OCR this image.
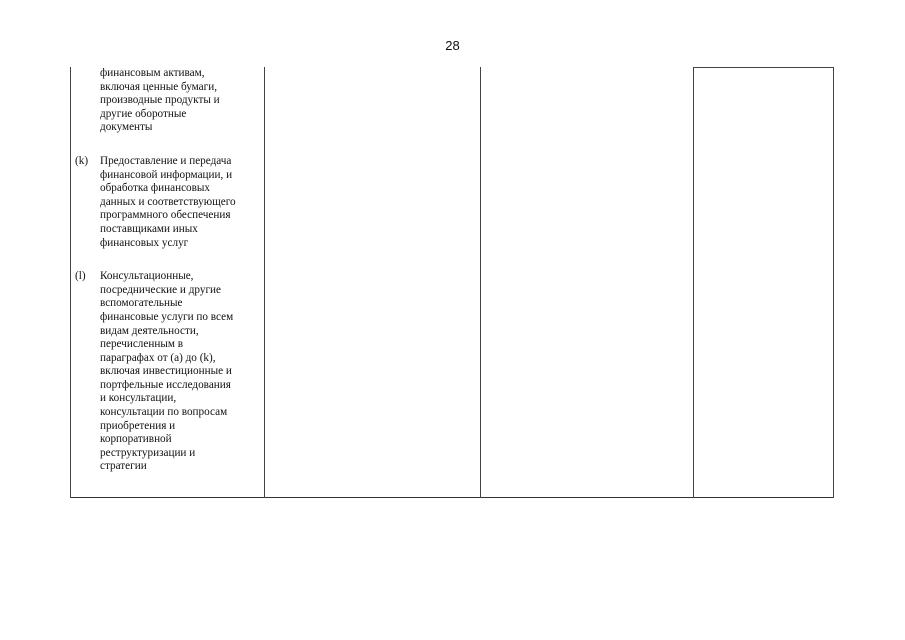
28
финансовым активам,
включая ценные бумаги,
производные продукты и
другие оборотные
документы
(k) Предоставление и передача
финансовой информации, и
обработка финансовых
данных и соответствующего
программного обеспечения
поставщиками иных
финансовых услуг
(l) Консультационные,
посреднические и другие
вспомогательные
финансовые услуги по всем
видам деятельности,
перечисленным в
параграфах от (a) до (k),
включая инвестиционные и
портфельные исследования
и консультации,
консультации по вопросам
приобретения и
корпоративной
реструктуризации и
стратегии
